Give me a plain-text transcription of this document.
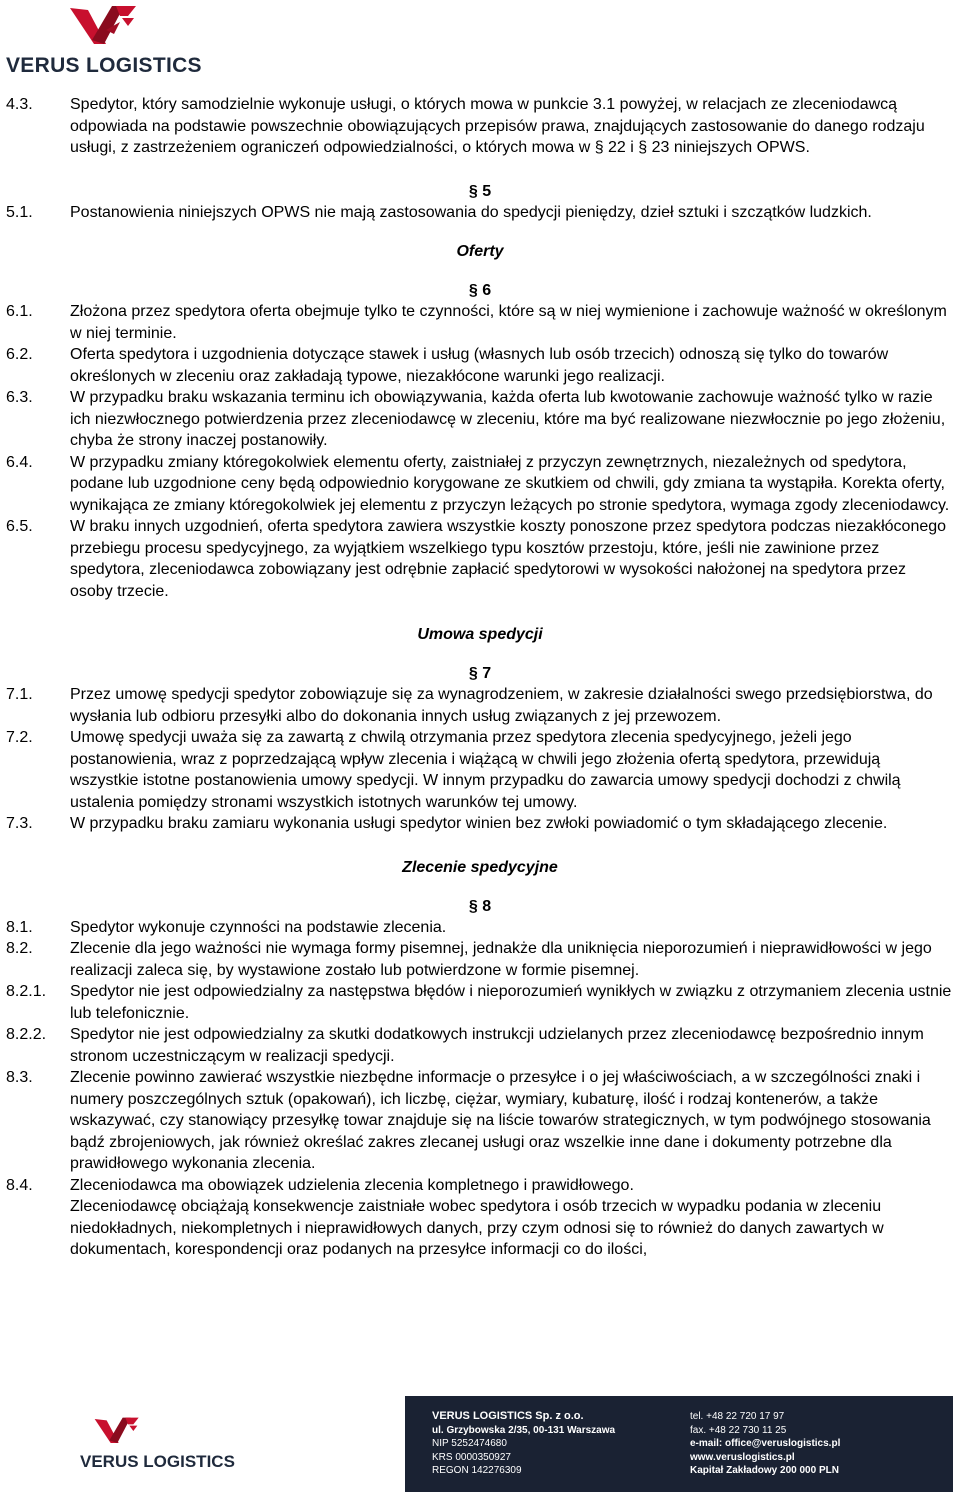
VERUS LOGISTICS
4.3. Spedytor, który samodzielnie wykonuje usługi, o których mowa w punkcie 3.1 powyżej, w relacjach ze zleceniodawcą odpowiada na podstawie powszechnie obowiązujących przepisów prawa, znajdujących zastosowanie do danego rodzaju usługi, z zastrzeżeniem ograniczeń odpowiedzialności, o których mowa w § 22 i § 23 niniejszych OPWS.
§ 5
5.1. Postanowienia niniejszych OPWS nie mają zastosowania do spedycji pieniędzy, dzieł sztuki i szczątków ludzkich.
Oferty
§ 6
6.1. Złożona przez spedytora oferta obejmuje tylko te czynności, które są w niej wymienione i zachowuje ważność w określonym w niej terminie.
6.2. Oferta spedytora i uzgodnienia dotyczące stawek i usług (własnych lub osób trzecich) odnoszą się tylko do towarów określonych w zleceniu oraz zakładają typowe, niezakłócone warunki jego realizacji.
6.3. W przypadku braku wskazania terminu ich obowiązywania, każda oferta lub kwotowanie zachowuje ważność tylko w razie ich niezwłocznego potwierdzenia przez zleceniodawcę w zleceniu, które ma być realizowane niezwłocznie po jego złożeniu, chyba że strony inaczej postanowiły.
6.4. W przypadku zmiany któregokolwiek elementu oferty, zaistniałej z przyczyn zewnętrznych, niezależnych od spedytora, podane lub uzgodnione ceny będą odpowiednio korygowane ze skutkiem od chwili, gdy zmiana ta wystąpiła. Korekta oferty, wynikająca ze zmiany któregokolwiek jej elementu z przyczyn leżących po stronie spedytora, wymaga zgody zleceniodawcy.
6.5. W braku innych uzgodnień, oferta spedytora zawiera wszystkie koszty ponoszone przez spedytora podczas niezakłóconego przebiegu procesu spedycyjnego, za wyjątkiem wszelkiego typu kosztów przestoju, które, jeśli nie zawinione przez spedytora, zleceniodawca zobowiązany jest odrębnie zapłacić spedytorowi w wysokości nałożonej na spedytora przez osoby trzecie.
Umowa spedycji
§ 7
7.1. Przez umowę spedycji spedytor zobowiązuje się za wynagrodzeniem, w zakresie działalności swego przedsiębiorstwa, do wysłania lub odbioru przesyłki albo do dokonania innych usług związanych z jej przewozem.
7.2. Umowę spedycji uważa się za zawartą z chwilą otrzymania przez spedytora zlecenia spedycyjnego, jeżeli jego postanowienia, wraz z poprzedzającą wpływ zlecenia i wiążącą w chwili jego złożenia ofertą spedytora, przewidują wszystkie istotne postanowienia umowy spedycji. W innym przypadku do zawarcia umowy spedycji dochodzi z chwilą ustalenia pomiędzy stronami wszystkich istotnych warunków tej umowy.
7.3. W przypadku braku zamiaru wykonania usługi spedytor winien bez zwłoki powiadomić o tym składającego zlecenie.
Zlecenie spedycyjne
§ 8
8.1. Spedytor wykonuje czynności na podstawie zlecenia.
8.2. Zlecenie dla jego ważności nie wymaga formy pisemnej, jednakże dla uniknięcia nieporozumień i nieprawidłowości w jego realizacji zaleca się, by wystawione zostało lub potwierdzone w formie pisemnej.
8.2.1. Spedytor nie jest odpowiedzialny za następstwa błędów i nieporozumień wynikłych w związku z otrzymaniem zlecenia ustnie lub telefonicznie.
8.2.2. Spedytor nie jest odpowiedzialny za skutki dodatkowych instrukcji udzielanych przez zleceniodawcę bezpośrednio innym stronom uczestniczącym w realizacji spedycji.
8.3. Zlecenie powinno zawierać wszystkie niezbędne informacje o przesyłce i o jej właściwościach, a w szczególności znaki i numery poszczególnych sztuk (opakowań), ich liczbę, ciężar, wymiary, kubaturę, ilość i rodzaj kontenerów, a także wskazywać, czy stanowiący przesyłkę towar znajduje się na liście towarów strategicznych, w tym podwójnego stosowania bądź zbrojeniowych, jak również określać zakres zlecanej usługi oraz wszelkie inne dane i dokumenty potrzebne dla prawidłowego wykonania zlecenia.
8.4. Zleceniodawca ma obowiązek udzielenia zlecenia kompletnego i prawidłowego.
Zleceniodawcę obciążają konsekwencje zaistniałe wobec spedytora i osób trzecich w wypadku podania w zleceniu niedokładnych, niekompletnych i nieprawidłowych danych, przy czym odnosi się to również do danych zawartych w dokumentach, korespondencji oraz podanych na przesyłce informacji co do ilości,
VERUS LOGISTICS
VERUS LOGISTICS Sp. z o.o.
ul. Grzybowska 2/35, 00-131 Warszawa
NIP 5252474680
KRS 0000350927
REGON 142276309
tel. +48 22 720 17 97
fax. +48 22 730 11 25
e-mail: office@veruslogistics.pl
www.veruslogistics.pl
Kapitał Zakładowy 200 000 PLN
